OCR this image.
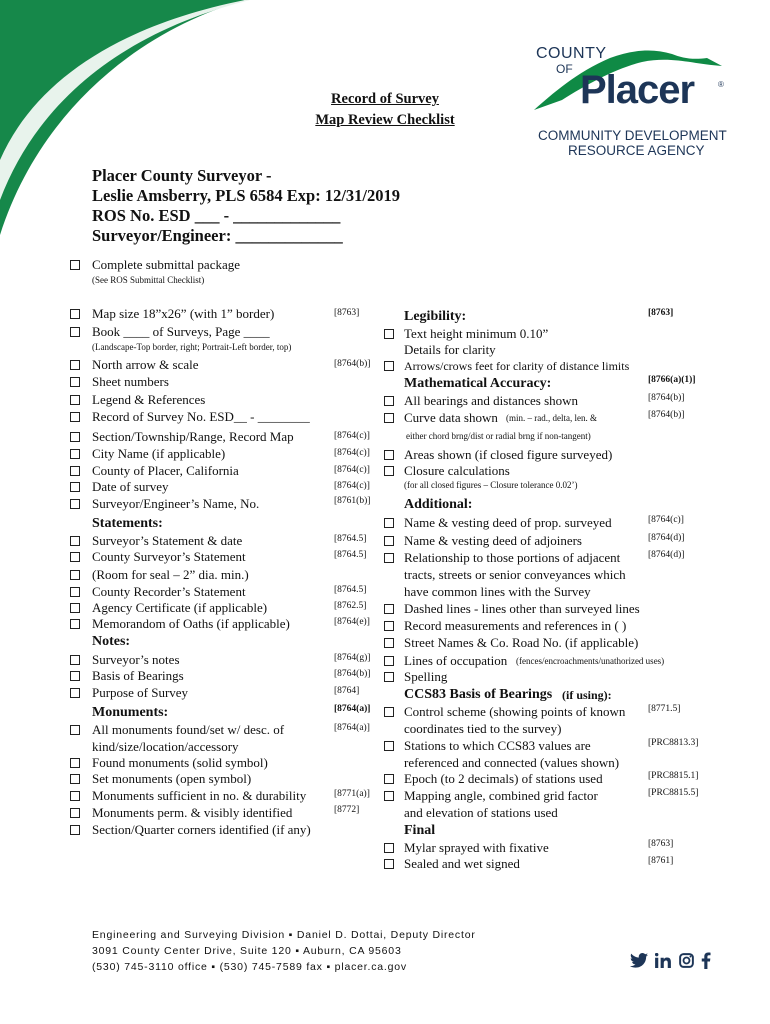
COUNTY
OF Placer	®
COMMUNITY DEVELOPMENT
RESOURCE AGENCY
Record of Survey
Map Review Checklist
Placer County Surveyor -
Leslie Amsberry, PLS 6584 Exp: 12/31/2019
ROS No. ESD ___ - _____________
Surveyor/Engineer: _____________
Complete submittal package
(See ROS Submittal Checklist)
Map size 18”x26” (with 1” border)	[8763]
Book ____ of Surveys, Page ____
(Landscape-Top border, right; Portrait-Left border, top)
North arrow & scale	[8764(b)]
Sheet numbers
Legend & References
Record of Survey No. ESD__ - ________
Section/Township/Range, Record Map	[8764(c)]
City Name (if applicable)	[8764(c)]
County of Placer, California	[8764(c)]
Date of survey	[8764(c)]
Surveyor/Engineer’s Name, No.	[8761(b)]
Statements:
Surveyor’s Statement & date	[8764.5]
County Surveyor’s Statement	[8764.5]
(Room for seal – 2” dia. min.)
County Recorder’s Statement	[8764.5]
Agency Certificate (if applicable)	[8762.5]
Memorandom of Oaths (if applicable)	[8764(e)]
Notes:
Surveyor’s notes	[8764(g)]
Basis of Bearings	[8764(b)]
Purpose of Survey	[8764]
Monuments:	[8764(a)]
All monuments found/set w/ desc. of
kind/size/location/accessory
[8764(a)]
Found monuments (solid symbol)
Set monuments (open symbol)
Monuments sufficient in no. & durability	[8771(a)]
Monuments perm. & visibly identified	[8772]
Section/Quarter corners identified (if any)
Legibility:	[8763]
Text height minimum 0.10”
Details for clarity
Arrows/crows feet for clarity of distance limits
Mathematical Accuracy:	[8766(a)(1)]
All bearings and distances shown	[8764(b)]
Curve data shown (min. – rad., delta, len. &	[8764(b)]
either chord brng/dist or radial brng if non-tangent)
Areas shown (if closed figure surveyed)
Closure calculations
(for all closed figures – Closure tolerance 0.02’)
Additional:
Name & vesting deed of prop. surveyed	[8764(c)]
Name & vesting deed of adjoiners	[8764(d)]
Relationship to those portions of adjacent
tracts, streets or senior conveyances which
have common lines with the Survey
[8764(d)]
Dashed lines - lines other than surveyed lines
Record measurements and references in ( )
Street Names & Co. Road No. (if applicable)
Lines of occupation (fences/encroachments/unathorized uses)
Spelling
CCS83 Basis of Bearings (if using):
Control scheme (showing points of known
coordinates tied to the survey)
[8771.5]
Stations to which CCS83 values are
referenced and connected (values shown)
[PRC8813.3]
Epoch (to 2 decimals) of stations used	[PRC8815.1]
Mapping angle, combined grid factor
and elevation of stations used
[PRC8815.5]
Final
Mylar sprayed with fixative	[8763]
Sealed and wet signed	[8761]
Engineering and Surveying Division ▪ Daniel D. Dottai, Deputy Director
3091 County Center Drive, Suite 120 ▪ Auburn, CA 95603
(530) 745-3110 office ▪ (530) 745-7589 fax ▪ placer.ca.gov
